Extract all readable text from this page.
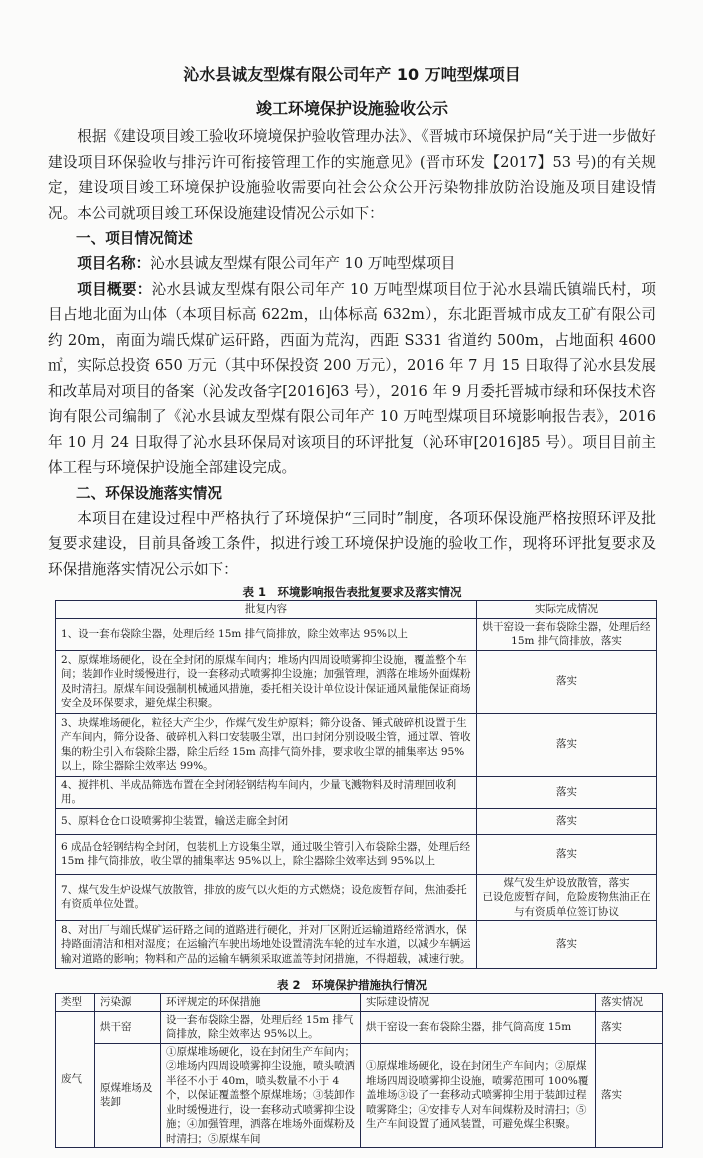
沁水县诚友型煤有限公司年产 10 万吨型煤项目
竣工环境保护设施验收公示

根据《建设项目竣工验收环境境保护验收管理办法》、《晋城市环境保护局“关于进一步做好建设项目环保验收与排污许可衔接管理工作的实施意见》(晋市环发【2017】53 号)的有关规定，建设项目竣工环境保护设施验收需要向社会公众公开污染物排放防治设施及项目建设情况。本公司就项目竣工环保设施建设情况公示如下：

一、项目情况简述

项目名称：沁水县诚友型煤有限公司年产 10 万吨型煤项目

项目概要：沁水县诚友型煤有限公司年产 10 万吨型煤项目位于沁水县端氏镇端氏村，项目占地北面为山体（本项目标高 622m，山体标高 632m），东北距晋城市成友工矿有限公司约 20m，南面为端氏煤矿运矸路，西面为荒沟，西距 S331 省道约 500m，占地面积 4600㎡，实际总投资 650 万元（其中环保投资 200 万元），2016 年 7 月 15 日取得了沁水县发展和改革局对项目的备案（沁发改备字[2016]63 号），2016 年 9 月委托晋城市绿和环保技术咨询有限公司编制了《沁水县诚友型煤有限公司年产 10 万吨型煤项目环境影响报告表》，2016 年 10 月 24 日取得了沁水县环保局对该项目的环评批复（沁环审[2016]85 号）。项目目前主体工程与环境保护设施全部建设完成。

二、环保设施落实情况

本项目在建设过程中严格执行了环境保护“三同时”制度，各项环保设施严格按照环评及批复要求建设，目前具备竣工条件，拟进行竣工环境保护设施的验收工作，现将环评批复要求及环保措施落实情况公示如下：

表 1　环境影响报告表批复要求及落实情况
批复内容	实际完成情况
1、设一套布袋除尘器，处理后经 15m 排气筒排放，除尘效率达 95%以上	烘干窑设一套布袋除尘器，处理后经 15m 排气筒排放，落实
2、原煤堆场硬化，设在全封闭的原煤车间内；堆场内四周设喷雾抑尘设施，覆盖整个车间；装卸作业时缓慢进行，设一套移动式喷雾抑尘设施；加强管理，洒落在堆场外面煤粉及时清扫。原煤车间设强制机械通风措施，委托相关设计单位设计保证通风量能保证商场安全及环保要求，避免煤尘积聚。	落实
3、块煤堆场硬化，粒径大产尘少，作煤气发生炉原料；筛分设备、锤式破碎机设置于生产车间内，筛分设备、破碎机入料口安装吸尘罩，出口封闭分别设吸尘管，通过罩、管收集的粉尘引入布袋除尘器，除尘后经 15m 高排气筒外排，要求收尘罩的捕集率达 95%以上，除尘器除尘效率达 99%。	落实
4、搅拌机、半成品筛选布置在全封闭轻钢结构车间内，少量飞溅物料及时清理回收利用。	落实
5、原料仓仓口设喷雾抑尘装置，输送走廊全封闭	落实
6 成品仓轻钢结构全封闭，包装机上方设集尘罩，通过吸尘管引入布袋除尘器，处理后经 15m 排气筒排放，收尘罩的捕集率达 95%以上，除尘器除尘效率达到 95%以上	落实
7、煤气发生炉设煤气放散管，排放的废气以火炬的方式燃烧；设危废暂存间，焦油委托有资质单位处置。	煤气发生炉设放散管，落实
已设危废暂存间，危险废物焦油正在与有资质单位签订协议
8、对出厂与端氏煤矿运矸路之间的道路进行硬化，并对厂区附近运输道路经常洒水，保持路面清洁和相对湿度；在运输汽车驶出场地处设置清洗车轮的过车水道，以减少车辆运输对道路的影响；物料和产品的运输车辆须采取遮盖等封闭措施，不得超载，减速行驶。	落实
表 2　环境保护措施执行情况
类型	污染源	环评规定的环保措施	实际建设情况	落实情况
废气	烘干窑	设一套布袋除尘器，处理后经 15m 排气筒排放，除尘效率达 95%以上。	烘干窑设一套布袋除尘器，排气筒高度 15m	落实
	原煤堆场及装卸	①原煤堆场硬化，设在封闭生产车间内；②堆场内四周设喷雾抑尘设施，喷头喷洒半径不小于 40m，喷头数量不小于 4 个，以保证覆盖整个原煤堆场；③装卸作业时缓慢进行，设一套移动式喷雾抑尘设施；④加强管理，洒落在堆场外面煤粉及时清扫；⑤原煤车间	①原煤堆场硬化，设在封闭生产车间内；②原煤堆场四周设喷雾抑尘设施，喷雾范围可 100%覆盖堆场③设了一套移动式喷雾抑尘用于装卸过程喷雾降尘；④安排专人对车间煤粉及时清扫；⑤生产车间设置了通风装置，可避免煤尘积聚。	落实
